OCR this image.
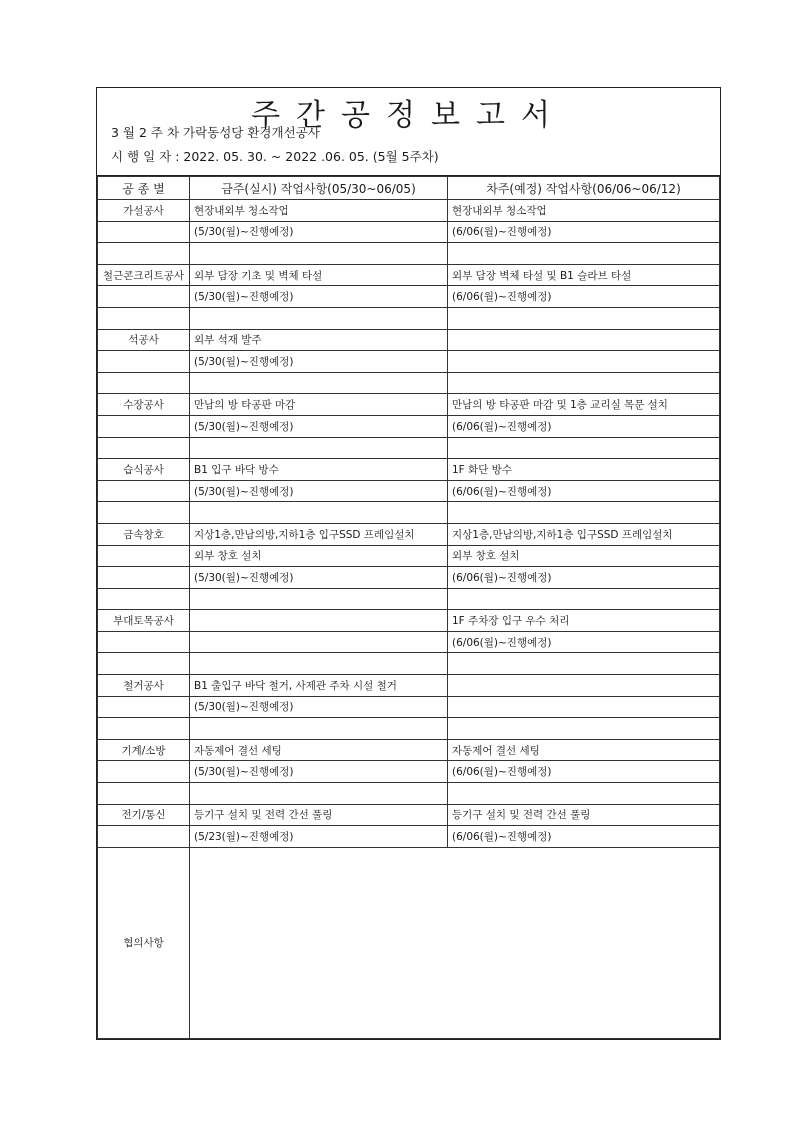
주간공정보고서
3 월 2 주 차 가락동성당 환경개선공사
시 행 일 자 : 2022. 05. 30. ~ 2022 .06. 05. (5월 5주차)
공 종 별	금주(실시) 작업사항(05/30~06/05)	차주(예정) 작업사항(06/06~06/12)
가설공사	현장내외부 청소작업	현장내외부 청소작업
	(5/30(월)~진행예정)	(6/06(월)~진행예정)

철근콘크리트공사	외부 담장 기초 및 벽체 타설	외부 담장 벽체 타설 및 B1 슬라브 타설
	(5/30(월)~진행예정)	(6/06(월)~진행예정)

석공사	외부 석재 발주	
	(5/30(월)~진행예정)	

수장공사	만남의 방 타공판 마감	만남의 방 타공판 마감 및 1층 교리실 목문 설치
	(5/30(월)~진행예정)	(6/06(월)~진행예정)

습식공사	B1 입구 바닥 방수	1F 화단 방수
	(5/30(월)~진행예정)	(6/06(월)~진행예정)

금속창호	지상1층,만남의방,지하1층 입구SSD 프레임설치	지상1층,만남의방,지하1층 입구SSD 프레임설치
	외부 창호 설치	외부 창호 설치
	(5/30(월)~진행예정)	(6/06(월)~진행예정)

부대토목공사		1F 주차장 입구 우수 처리
		(6/06(월)~진행예정)

철거공사	B1 출입구 바닥 철거, 사제관 주차 시설 철거	
	(5/30(월)~진행예정)	

기계/소방	자동제어 결선 세팅	자동제어 결선 세팅
	(5/30(월)~진행예정)	(6/06(월)~진행예정)

전기/통신	등기구 설치 및 전력 간선 풀링	등기구 설치 및 전력 간선 풀링
	(5/23(월)~진행예정)	(6/06(월)~진행예정)
협의사항		
